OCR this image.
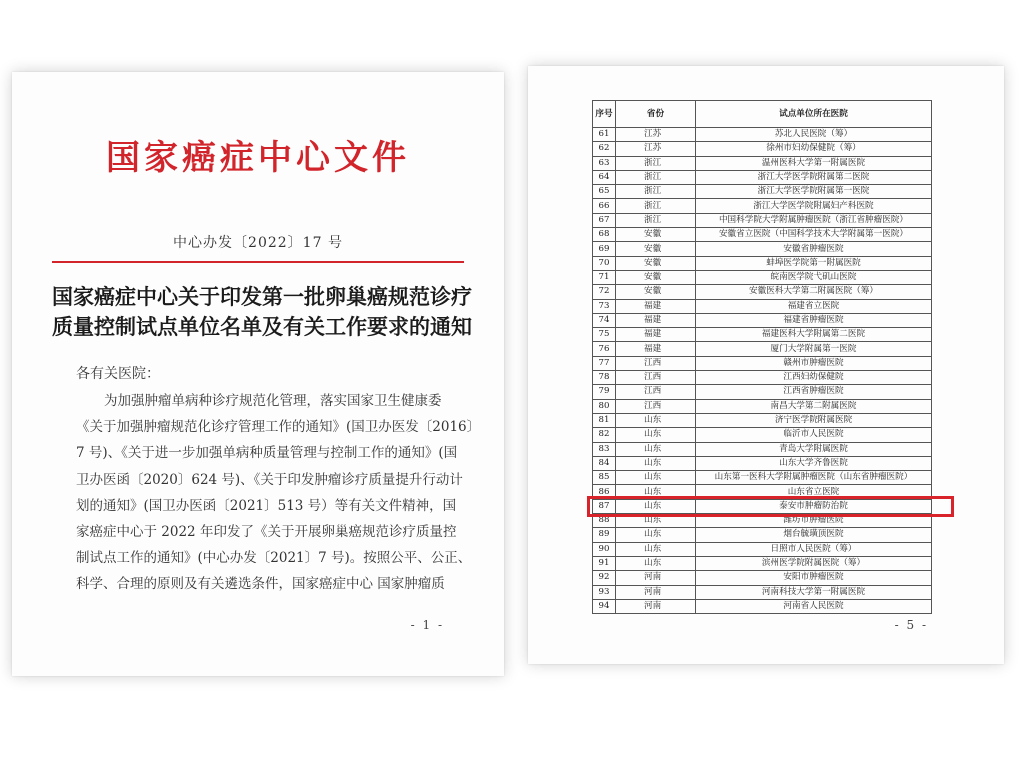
国家癌症中心文件
中心办发〔2022〕17 号
国家癌症中心关于印发第一批卵巢癌规范诊疗
质量控制试点单位名单及有关工作要求的通知
各有关医院：
为加强肿瘤单病种诊疗规范化管理，落实国家卫生健康委
《关于加强肿瘤规范化诊疗管理工作的通知》(国卫办医发〔2016〕
7 号)、《关于进一步加强单病种质量管理与控制工作的通知》(国
卫办医函〔2020〕624 号)、《关于印发肿瘤诊疗质量提升行动计
划的通知》(国卫办医函〔2021〕513 号）等有关文件精神，国
家癌症中心于 2022 年印发了《关于开展卵巢癌规范诊疗质量控
制试点工作的通知》(中心办发〔2021〕7 号)。按照公平、公正、
科学、合理的原则及有关遴选条件，国家癌症中心 国家肿瘤质
- 1 -
序号	省份	试点单位所在医院
61	江苏	苏北人民医院（筹）
62	江苏	徐州市妇幼保健院（筹）
63	浙江	温州医科大学第一附属医院
64	浙江	浙江大学医学院附属第二医院
65	浙江	浙江大学医学院附属第一医院
66	浙江	浙江大学医学院附属妇产科医院
67	浙江	中国科学院大学附属肿瘤医院（浙江省肿瘤医院）
68	安徽	安徽省立医院（中国科学技术大学附属第一医院）
69	安徽	安徽省肿瘤医院
70	安徽	蚌埠医学院第一附属医院
71	安徽	皖南医学院弋矶山医院
72	安徽	安徽医科大学第二附属医院（筹）
73	福建	福建省立医院
74	福建	福建省肿瘤医院
75	福建	福建医科大学附属第二医院
76	福建	厦门大学附属第一医院
77	江西	赣州市肿瘤医院
78	江西	江西妇幼保健院
79	江西	江西省肿瘤医院
80	江西	南昌大学第二附属医院
81	山东	济宁医学院附属医院
82	山东	临沂市人民医院
83	山东	青岛大学附属医院
84	山东	山东大学齐鲁医院
85	山东	山东第一医科大学附属肿瘤医院（山东省肿瘤医院）
86	山东	山东省立医院
87	山东	泰安市肿瘤防治院
88	山东	潍坊市肿瘤医院
89	山东	烟台毓璜顶医院
90	山东	日照市人民医院（筹）
91	山东	滨州医学院附属医院（筹）
92	河南	安阳市肿瘤医院
93	河南	河南科技大学第一附属医院
94	河南	河南省人民医院
- 5 -
